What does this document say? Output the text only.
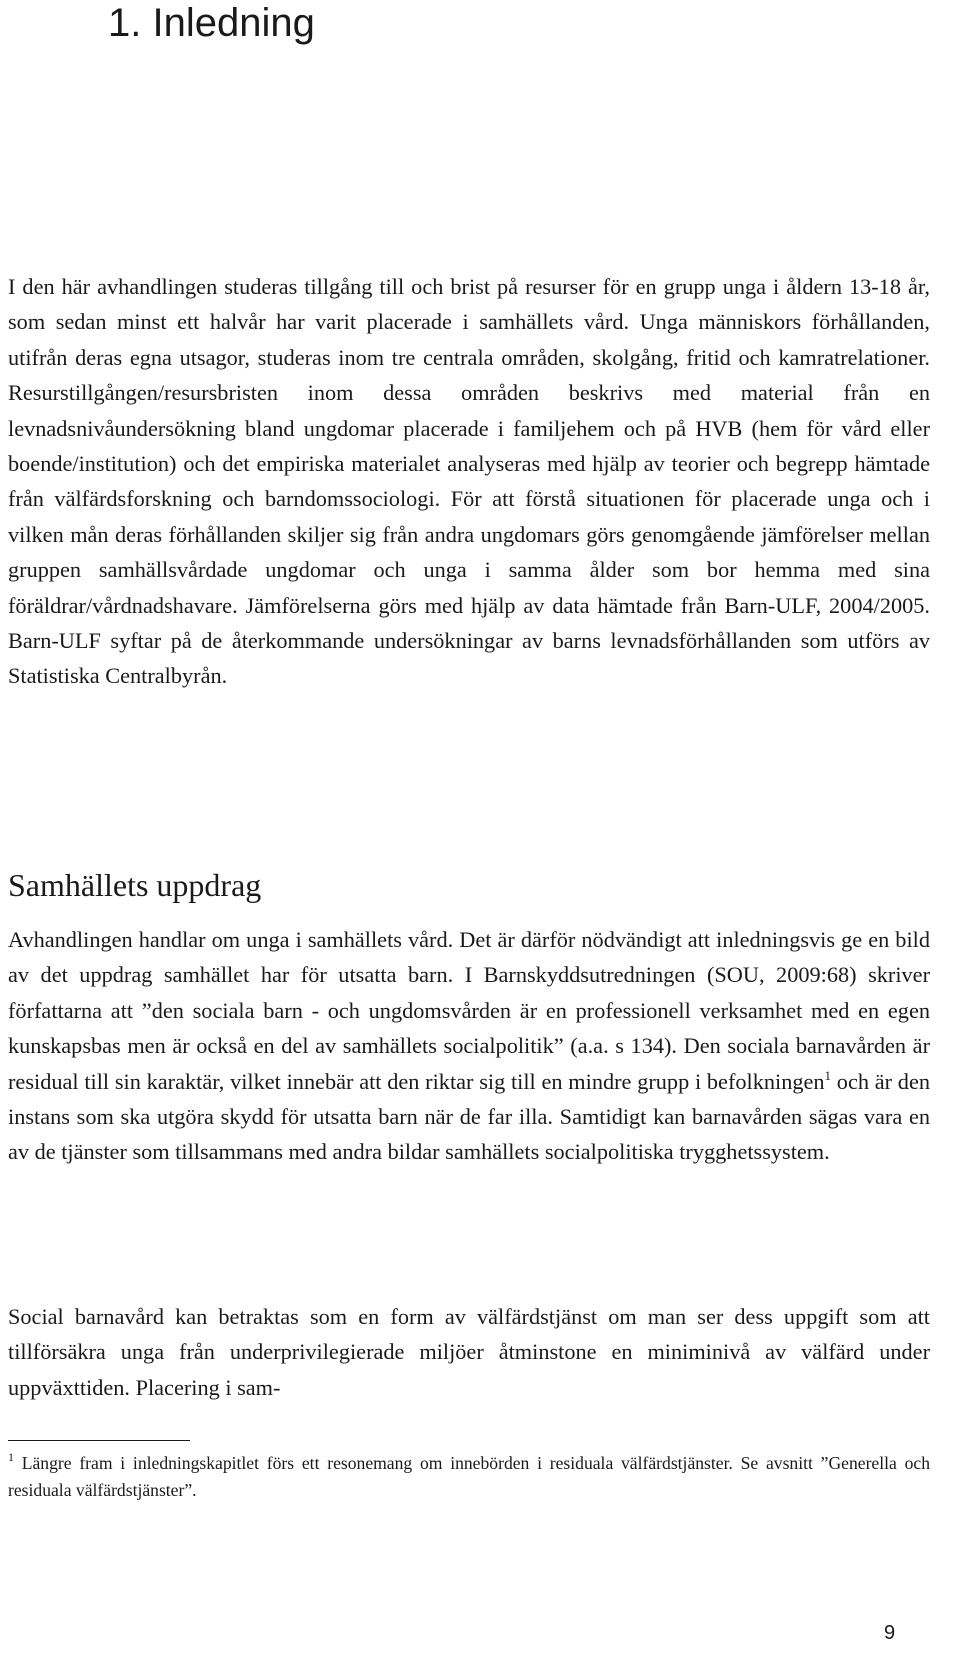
1. Inledning

I den här avhandlingen studeras tillgång till och brist på resurser för en grupp unga i åldern 13-18 år, som sedan minst ett halvår har varit placerade i samhällets vård. Unga människors förhållanden, utifrån deras egna utsagor, studeras inom tre centrala områden, skolgång, fritid och kamratrelationer. Resurstillgången/resursbristen inom dessa områden beskrivs med material från en levnadsnivåundersökning bland ungdomar placerade i familjehem och på HVB (hem för vård eller boende/institution) och det empiriska materialet analyseras med hjälp av teorier och begrepp hämtade från välfärdsforskning och barndomssociologi. För att förstå situationen för placerade unga och i vilken mån deras förhållanden skiljer sig från andra ungdomars görs genomgående jämförelser mellan gruppen samhällsvårdade ungdomar och unga i samma ålder som bor hemma med sina föräldrar/vårdnadshavare. Jämförelserna görs med hjälp av data hämtade från Barn-ULF, 2004/2005. Barn-ULF syftar på de återkommande undersökningar av barns levnadsförhållanden som utförs av Statistiska Centralbyrån.

Samhällets uppdrag

Avhandlingen handlar om unga i samhällets vård. Det är därför nödvändigt att inledningsvis ge en bild av det uppdrag samhället har för utsatta barn. I Barnskyddsutredningen (SOU, 2009:68) skriver författarna att ”den sociala barn - och ungdomsvården är en professionell verksamhet med en egen kunskapsbas men är också en del av samhällets socialpolitik” (a.a. s 134). Den sociala barnavården är residual till sin karaktär, vilket innebär att den riktar sig till en mindre grupp i befolkningen$^1$ och är den instans som ska utgöra skydd för utsatta barn när de far illa. Samtidigt kan barnavården sägas vara en av de tjänster som tillsammans med andra bildar samhällets socialpolitiska trygghetssystem.

Social barnavård kan betraktas som en form av välfärdstjänst om man ser dess uppgift som att tillförsäkra unga från underprivilegierade miljöer åtminstone en miniminivå av välfärd under uppväxttiden. Placering i sam-

$^1$ Längre fram i inledningskapitlet förs ett resonemang om innebörden i residuala välfärdstjänster. Se avsnitt ”Generella och residuala välfärdstjänster”.

9
